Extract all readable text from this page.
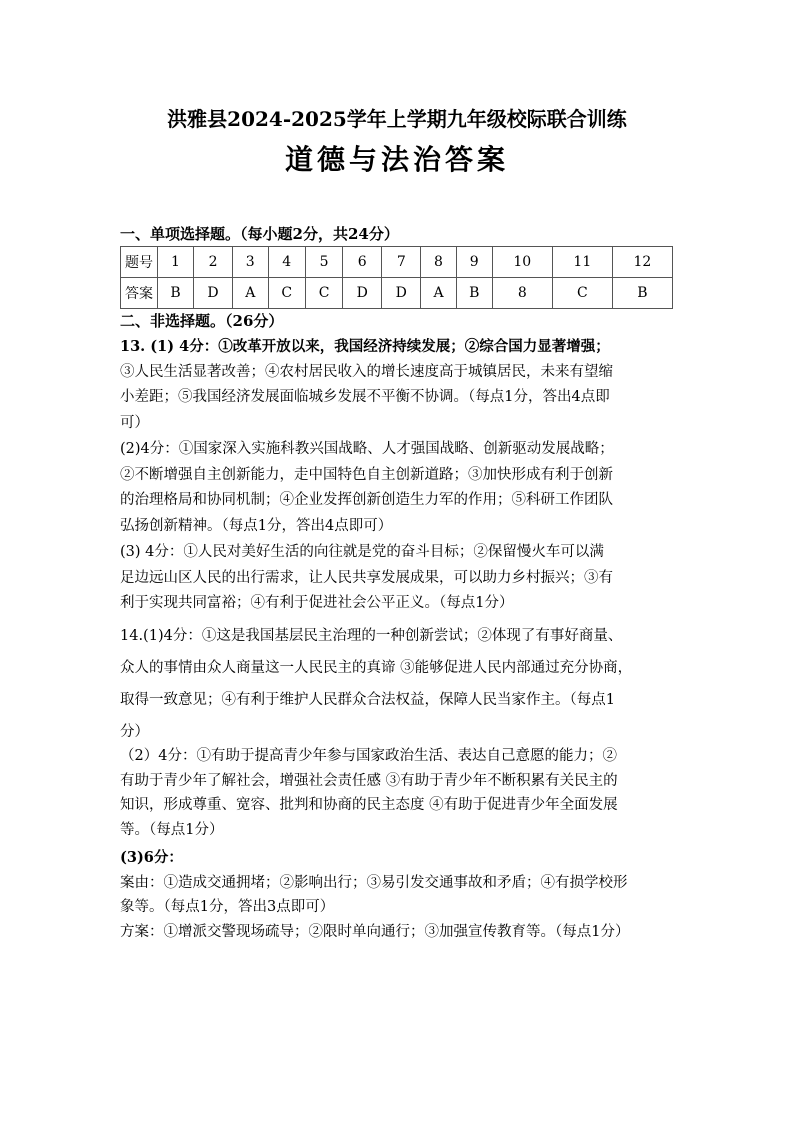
洪雅县2024-2025学年上学期九年级校际联合训练
道德与法治答案
一、单项选择题。（每小题2分，共24分）
题号	1	2	3	4	5	6	7	8	9	10	11	12
答案	B	D	A	C	C	D	D	A	B	8	C	B
二、非选择题。（26分）

13. (1) 4分：①改革开放以来，我国经济持续发展；②综合国力显著增强；

③人民生活显著改善；④农村居民收入的增长速度高于城镇居民，未来有望缩

小差距；⑤我国经济发展面临城乡发展不平衡不协调。（每点1分，答出4点即

可）

(2)4分：①国家深入实施科教兴国战略、人才强国战略、创新驱动发展战略；

②不断增强自主创新能力，走中国特色自主创新道路；③加快形成有利于创新

的治理格局和协同机制；④企业发挥创新创造生力军的作用；⑤科研工作团队

弘扬创新精神。（每点1分，答出4点即可）

(3) 4分：①人民对美好生活的向往就是党的奋斗目标；②保留慢火车可以满

足边远山区人民的出行需求，让人民共享发展成果，可以助力乡村振兴；③有

利于实现共同富裕；④有利于促进社会公平正义。（每点1分）

14.(1)4分：①这是我国基层民主治理的一种创新尝试；②体现了有事好商量、

众人的事情由众人商量这一人民民主的真谛 ③能够促进人民内部通过充分协商，

取得一致意见；④有利于维护人民群众合法权益，保障人民当家作主。（每点1

分）

（2）4分：①有助于提高青少年参与国家政治生活、表达自己意愿的能力；②

有助于青少年了解社会，增强社会责任感 ③有助于青少年不断积累有关民主的

知识，形成尊重、宽容、批判和协商的民主态度 ④有助于促进青少年全面发展

等。（每点1分）

(3)6分：

案由：①造成交通拥堵；②影响出行；③易引发交通事故和矛盾；④有损学校形

象等。（每点1分，答出3点即可）

方案：①增派交警现场疏导；②限时单向通行；③加强宣传教育等。（每点1分）
